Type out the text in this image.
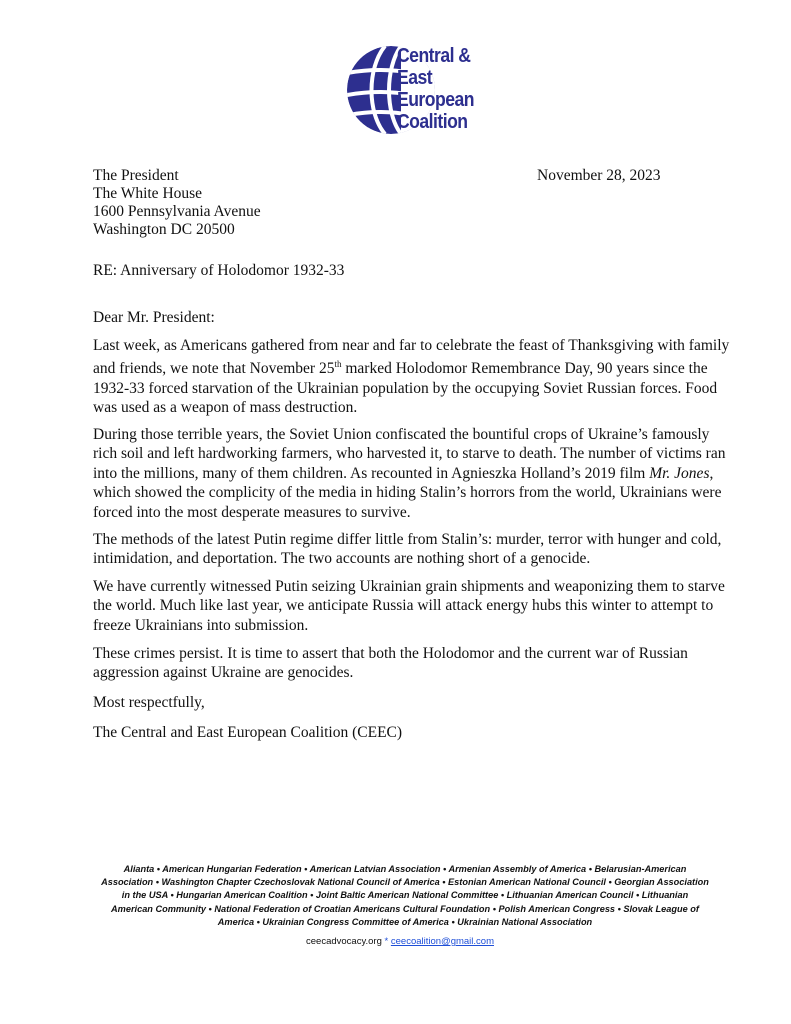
Central &
East
European
Coalition
The President
The White House
1600 Pennsylvania Avenue
Washington DC 20500
November 28, 2023
RE: Anniversary of Holodomor 1932-33
Dear Mr. President:
Last week, as Americans gathered from near and far to celebrate the feast of Thanksgiving with family
and friends, we note that November 25th marked Holodomor Remembrance Day, 90 years since the
1932-33 forced starvation of the Ukrainian population by the occupying Soviet Russian forces. Food
was used as a weapon of mass destruction.
During those terrible years, the Soviet Union confiscated the bountiful crops of Ukraine’s famously
rich soil and left hardworking farmers, who harvested it, to starve to death. The number of victims ran
into the millions, many of them children. As recounted in Agnieszka Holland’s 2019 film Mr. Jones,
which showed the complicity of the media in hiding Stalin’s horrors from the world, Ukrainians were
forced into the most desperate measures to survive.
The methods of the latest Putin regime differ little from Stalin’s: murder, terror with hunger and cold,
intimidation, and deportation. The two accounts are nothing short of a genocide.
We have currently witnessed Putin seizing Ukrainian grain shipments and weaponizing them to starve
the world. Much like last year, we anticipate Russia will attack energy hubs this winter to attempt to
freeze Ukrainians into submission.
These crimes persist. It is time to assert that both the Holodomor and the current war of Russian
aggression against Ukraine are genocides.
Most respectfully,
The Central and East European Coalition (CEEC)
Alianta • American Hungarian Federation • American Latvian Association • Armenian Assembly of America • Belarusian-American
Association • Washington Chapter Czechoslovak National Council of America • Estonian American National Council • Georgian Association
in the USA • Hungarian American Coalition • Joint Baltic American National Committee • Lithuanian American Council • Lithuanian
American Community • National Federation of Croatian Americans Cultural Foundation • Polish American Congress • Slovak League of
America • Ukrainian Congress Committee of America • Ukrainian National Association
ceecadvocacy.org * ceecoalition@gmail.com
